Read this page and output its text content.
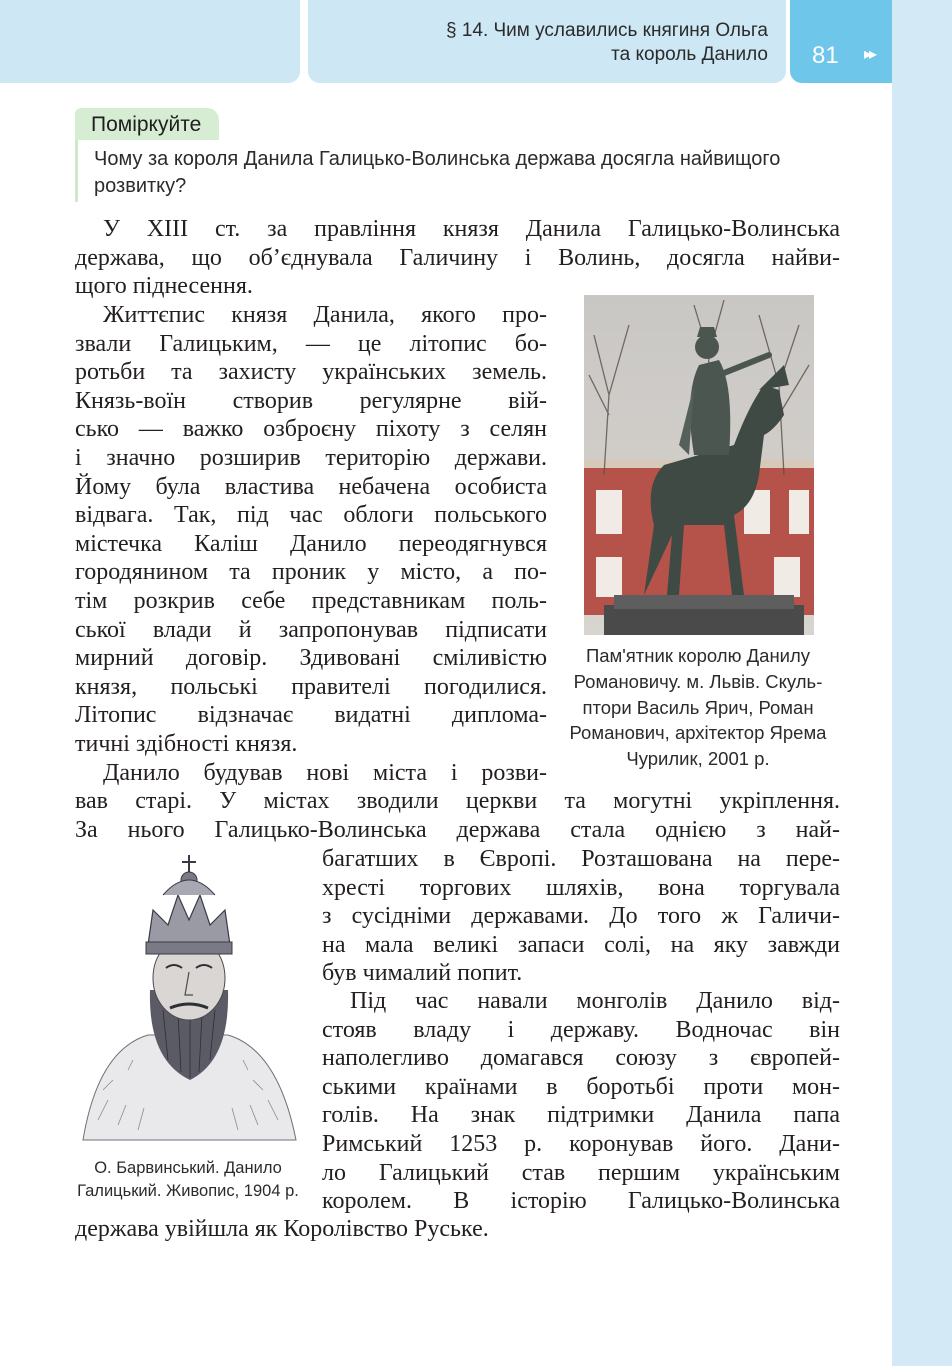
§ 14. Чим уславились княгиня Ольга
та король Данило 81 ▸▸
Поміркуйте
Чому за короля Данила Галицько-Волинська держава досягла найвищого розвитку?
У XIII ст. за правління князя Данила Галицько-Волинська
держава, що об’єднувала Галичину і Волинь, досягла найви-
щого піднесення.
Життєпис князя Данила, якого про-
звали Галицьким, — це літопис бо-
ротьби та захисту українських земель.
Князь-воїн створив регулярне вій-
сько — важко озброєну піхоту з селян
і значно розширив територію держави.
Йому була властива небачена особиста
відвага. Так, під час облоги польського
містечка Каліш Данило переодягнувся
городянином та проник у місто, а по-
тім розкрив себе представникам поль-
ської влади й запропонував підписати
мирний договір. Здивовані сміливістю
князя, польські правителі погодилися.
Літопис відзначає видатні диплома-
тичні здібності князя.
Данило будував нові міста і розви-
вав старі. У містах зводили церкви та могутні укріплення.
За нього Галицько-Волинська держава стала однією з най-
багатших в Європі. Розташована на пере-
хресті торгових шляхів, вона торгувала
з сусідніми державами. До того ж Галичи-
на мала великі запаси солі, на яку завжди
був чималий попит.
Під час навали монголів Данило від-
стояв владу і державу. Водночас він
наполегливо домагався союзу з європей-
ськими країнами в боротьбі проти мон-
голів. На знак підтримки Данила папа
Римський 1253 р. коронував його. Дани-
ло Галицький став першим українським
королем. В історію Галицько-Волинська
держава увійшла як Королівство Руське.
Пам'ятник королю Данилу
Романовичу. м. Львів. Скуль-
птори Василь Ярич, Роман
Романович, архітектор Ярема
Чурилик, 2001 р.
О. Барвинський. Данило
Галицький. Живопис, 1904 р.
